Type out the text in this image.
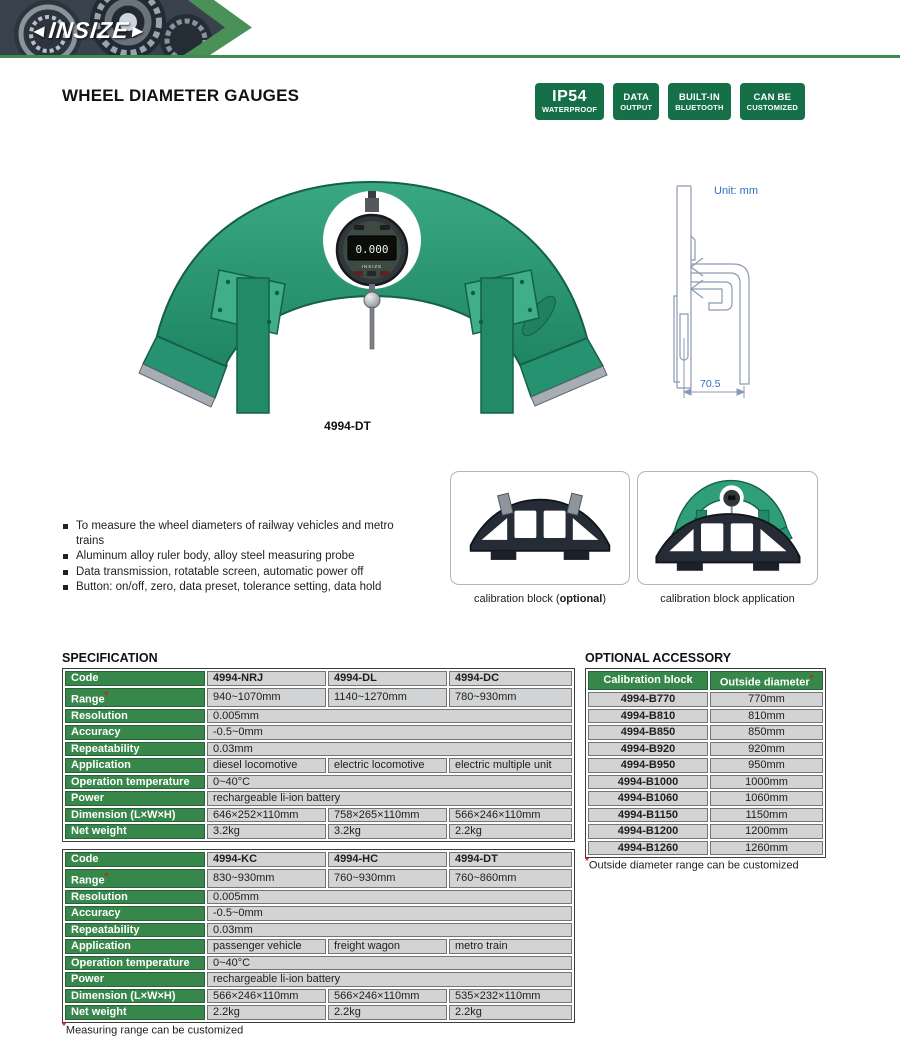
◄INSIZE►
WHEEL DIAMETER GAUGES	IP54
WATERPROOF
DATA
OUTPUT
BUILT-IN
BLUETOOTH
CAN BE
CUSTOMIZED
0.000
INSIZE
4994-DT
Unit: mm
70.5
To measure the wheel diameters of railway vehicles and metro trains
Aluminum alloy ruler body, alloy steel measuring probe
Data transmission, rotatable screen, automatic power off
Button: on/off, zero, data preset, tolerance setting, data hold
calibration block (optional)	calibration block application
SPECIFICATION
Code	4994-NRJ	4994-DL	4994-DC
Range*	940~1070mm	1140~1270mm	780~930mm
Resolution	0.005mm		
Accuracy	-0.5~0mm		
Repeatability	0.03mm		
Application	diesel locomotive	electric locomotive	electric multiple unit
Operation temperature	0~40°C		
Power	rechargeable li-ion battery		
Dimension (L×W×H)	646×252×110mm	758×265×110mm	566×246×110mm
Net weight	3.2kg	3.2kg	2.2kg
Code	4994-KC	4994-HC	4994-DT
Range*	830~930mm	760~930mm	760~860mm
Resolution	0.005mm		
Accuracy	-0.5~0mm		
Repeatability	0.03mm		
Application	passenger vehicle	freight wagon	metro train
Operation temperature	0~40°C		
Power	rechargeable li-ion battery		
Dimension (L×W×H)	566×246×110mm	566×246×110mm	535×232×110mm
Net weight	2.2kg	2.2kg	2.2kg
*Measuring range can be customized
OPTIONAL ACCESSORY
Calibration block	Outside diameter*
4994-B770	770mm
4994-B810	810mm
4994-B850	850mm
4994-B920	920mm
4994-B950	950mm
4994-B1000	1000mm
4994-B1060	1060mm
4994-B1150	1150mm
4994-B1200	1200mm
4994-B1260	1260mm
*Outside diameter range can be customized
